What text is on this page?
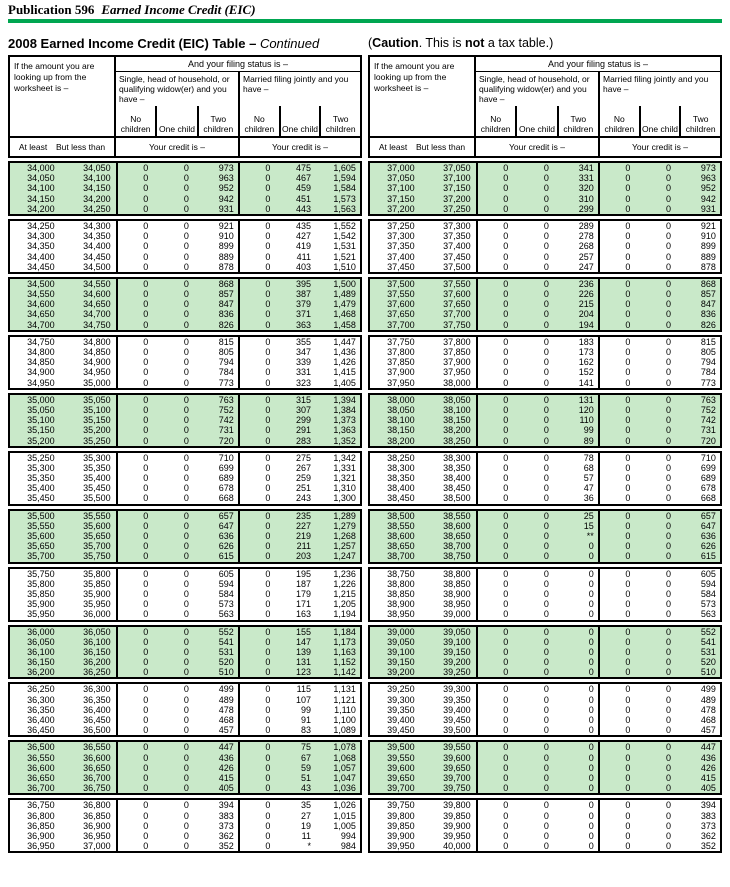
Publication 596 Earned Income Credit (EIC)
2008 Earned Income Credit (EIC) Table – Continued	(Caution. This is not a tax table.)
If the amount you are looking up from the worksheet is –
And your filing status is –
Single, head of household, or qualifying widow(er) and you have –
No children One child
Two children
Married filing jointly and you have –
No children One child
Two children
At least But less than	Your credit is –	Your credit is –
34,000	34,050	0	0	973	0	475	1,605
34,050	34,100	0	0	963	0	467	1,594
34,100	34,150	0	0	952	0	459	1,584
34,150	34,200	0	0	942	0	451	1,573
34,200	34,250	0	0	931	0	443	1,563
34,250	34,300	0	0	921	0	435	1,552
34,300	34,350	0	0	910	0	427	1,542
34,350	34,400	0	0	899	0	419	1,531
34,400	34,450	0	0	889	0	411	1,521
34,450	34,500	0	0	878	0	403	1,510
34,500	34,550	0	0	868	0	395	1,500
34,550	34,600	0	0	857	0	387	1,489
34,600	34,650	0	0	847	0	379	1,479
34,650	34,700	0	0	836	0	371	1,468
34,700	34,750	0	0	826	0	363	1,458
34,750	34,800	0	0	815	0	355	1,447
34,800	34,850	0	0	805	0	347	1,436
34,850	34,900	0	0	794	0	339	1,426
34,900	34,950	0	0	784	0	331	1,415
34,950	35,000	0	0	773	0	323	1,405
35,000	35,050	0	0	763	0	315	1,394
35,050	35,100	0	0	752	0	307	1,384
35,100	35,150	0	0	742	0	299	1,373
35,150	35,200	0	0	731	0	291	1,363
35,200	35,250	0	0	720	0	283	1,352
35,250	35,300	0	0	710	0	275	1,342
35,300	35,350	0	0	699	0	267	1,331
35,350	35,400	0	0	689	0	259	1,321
35,400	35,450	0	0	678	0	251	1,310
35,450	35,500	0	0	668	0	243	1,300
35,500	35,550	0	0	657	0	235	1,289
35,550	35,600	0	0	647	0	227	1,279
35,600	35,650	0	0	636	0	219	1,268
35,650	35,700	0	0	626	0	211	1,257
35,700	35,750	0	0	615	0	203	1,247
35,750	35,800	0	0	605	0	195	1,236
35,800	35,850	0	0	594	0	187	1,226
35,850	35,900	0	0	584	0	179	1,215
35,900	35,950	0	0	573	0	171	1,205
35,950	36,000	0	0	563	0	163	1,194
36,000	36,050	0	0	552	0	155	1,184
36,050	36,100	0	0	541	0	147	1,173
36,100	36,150	0	0	531	0	139	1,163
36,150	36,200	0	0	520	0	131	1,152
36,200	36,250	0	0	510	0	123	1,142
36,250	36,300	0	0	499	0	115	1,131
36,300	36,350	0	0	489	0	107	1,121
36,350	36,400	0	0	478	0	99	1,110
36,400	36,450	0	0	468	0	91	1,100
36,450	36,500	0	0	457	0	83	1,089
36,500	36,550	0	0	447	0	75	1,078
36,550	36,600	0	0	436	0	67	1,068
36,600	36,650	0	0	426	0	59	1,057
36,650	36,700	0	0	415	0	51	1,047
36,700	36,750	0	0	405	0	43	1,036
36,750	36,800	0	0	394	0	35	1,026
36,800	36,850	0	0	383	0	27	1,015
36,850	36,900	0	0	373	0	19	1,005
36,900	36,950	0	0	362	0	11	994
36,950	37,000	0	0	352	0	*	984
If the amount you are looking up from the worksheet is –
And your filing status is –
Single, head of household, or qualifying widow(er) and you have –
No children One child
Two children
Married filing jointly and you have –
No children One child
Two children
At least But less than	Your credit is –	Your credit is –
37,000	37,050	0	0	341	0	0	973
37,050	37,100	0	0	331	0	0	963
37,100	37,150	0	0	320	0	0	952
37,150	37,200	0	0	310	0	0	942
37,200	37,250	0	0	299	0	0	931
37,250	37,300	0	0	289	0	0	921
37,300	37,350	0	0	278	0	0	910
37,350	37,400	0	0	268	0	0	899
37,400	37,450	0	0	257	0	0	889
37,450	37,500	0	0	247	0	0	878
37,500	37,550	0	0	236	0	0	868
37,550	37,600	0	0	226	0	0	857
37,600	37,650	0	0	215	0	0	847
37,650	37,700	0	0	204	0	0	836
37,700	37,750	0	0	194	0	0	826
37,750	37,800	0	0	183	0	0	815
37,800	37,850	0	0	173	0	0	805
37,850	37,900	0	0	162	0	0	794
37,900	37,950	0	0	152	0	0	784
37,950	38,000	0	0	141	0	0	773
38,000	38,050	0	0	131	0	0	763
38,050	38,100	0	0	120	0	0	752
38,100	38,150	0	0	110	0	0	742
38,150	38,200	0	0	99	0	0	731
38,200	38,250	0	0	89	0	0	720
38,250	38,300	0	0	78	0	0	710
38,300	38,350	0	0	68	0	0	699
38,350	38,400	0	0	57	0	0	689
38,400	38,450	0	0	47	0	0	678
38,450	38,500	0	0	36	0	0	668
38,500	38,550	0	0	25	0	0	657
38,550	38,600	0	0	15	0	0	647
38,600	38,650	0	0	**	0	0	636
38,650	38,700	0	0	0	0	0	626
38,700	38,750	0	0	0	0	0	615
38,750	38,800	0	0	0	0	0	605
38,800	38,850	0	0	0	0	0	594
38,850	38,900	0	0	0	0	0	584
38,900	38,950	0	0	0	0	0	573
38,950	39,000	0	0	0	0	0	563
39,000	39,050	0	0	0	0	0	552
39,050	39,100	0	0	0	0	0	541
39,100	39,150	0	0	0	0	0	531
39,150	39,200	0	0	0	0	0	520
39,200	39,250	0	0	0	0	0	510
39,250	39,300	0	0	0	0	0	499
39,300	39,350	0	0	0	0	0	489
39,350	39,400	0	0	0	0	0	478
39,400	39,450	0	0	0	0	0	468
39,450	39,500	0	0	0	0	0	457
39,500	39,550	0	0	0	0	0	447
39,550	39,600	0	0	0	0	0	436
39,600	39,650	0	0	0	0	0	426
39,650	39,700	0	0	0	0	0	415
39,700	39,750	0	0	0	0	0	405
39,750	39,800	0	0	0	0	0	394
39,800	39,850	0	0	0	0	0	383
39,850	39,900	0	0	0	0	0	373
39,900	39,950	0	0	0	0	0	362
39,950	40,000	0	0	0	0	0	352
